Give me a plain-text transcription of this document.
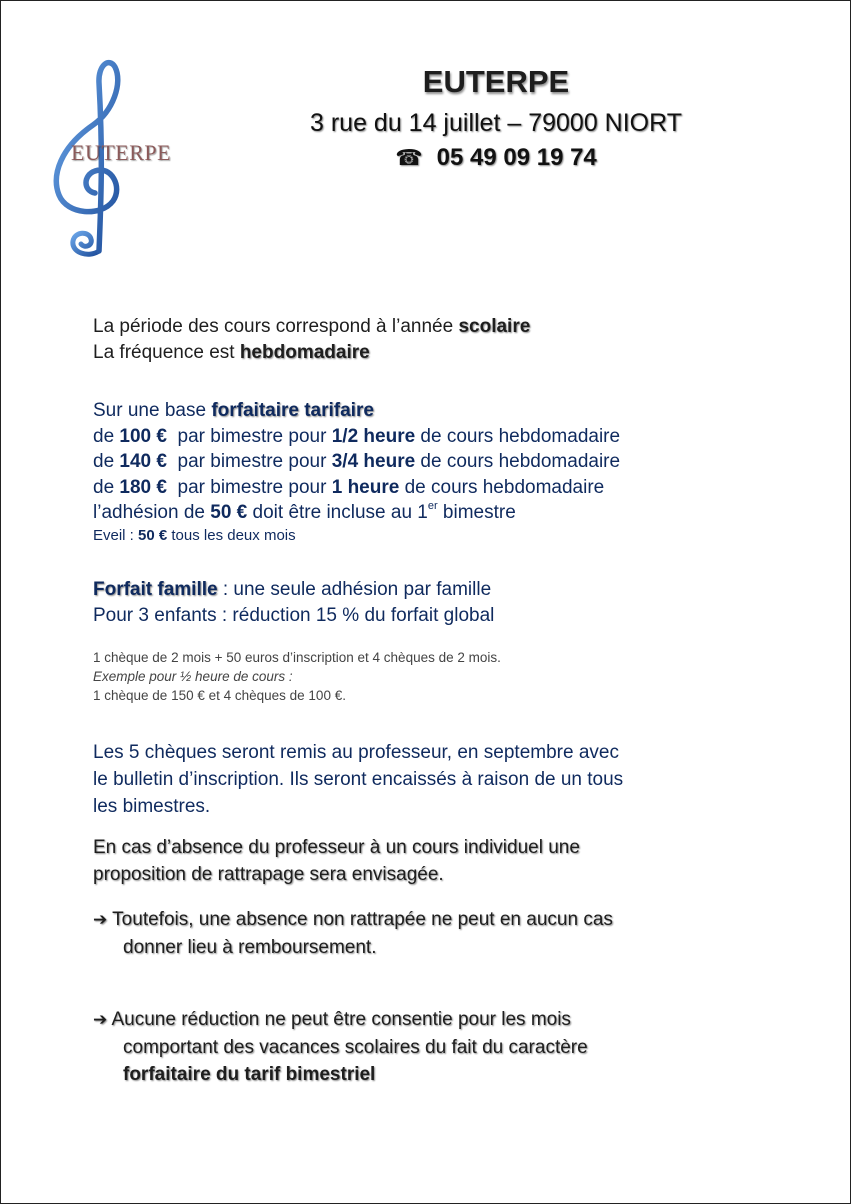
EUTERPE
EUTERPE
3 rue du 14 juillet – 79000 NIORT
☎ 05 49 09 19 74
La période des cours correspond à l’année scolaire
La fréquence est hebdomadaire
Sur une base forfaitaire tarifaire
de 100 €  par bimestre pour 1/2 heure de cours hebdomadaire
de 140 €  par bimestre pour 3/4 heure de cours hebdomadaire
de 180 €  par bimestre pour 1 heure de cours hebdomadaire
l’adhésion de 50 € doit être incluse au 1er bimestre
Eveil : 50 € tous les deux mois
Forfait famille : une seule adhésion par famille
Pour 3 enfants : réduction 15 % du forfait global
1 chèque de 2 mois + 50 euros d’inscription et 4 chèques de 2 mois.
Exemple pour ½ heure de cours :
1 chèque de 150 € et 4 chèques de 100 €.
Les 5 chèques seront remis au professeur, en septembre avec
le bulletin d’inscription. Ils seront encaissés à raison de un tous
les bimestres.
En cas d’absence du professeur à un cours individuel une
proposition de rattrapage sera envisagée.
➔ Toutefois, une absence non rattrapée ne peut en aucun cas
donner lieu à remboursement.
➔ Aucune réduction ne peut être consentie pour les mois
comportant des vacances scolaires du fait du caractère
forfaitaire du tarif bimestriel
